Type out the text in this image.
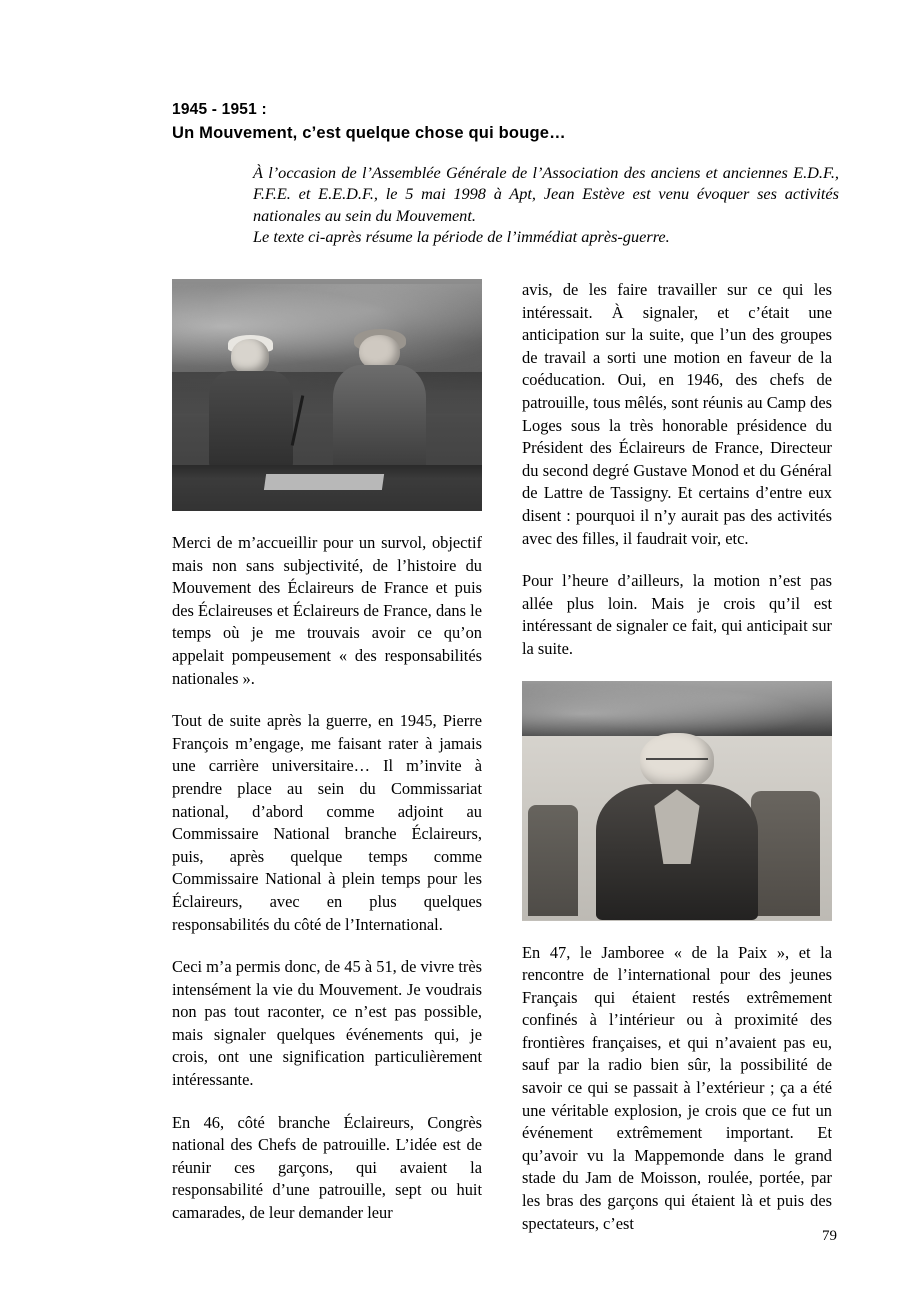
1945 - 1951 :
Un Mouvement, c’est quelque chose qui bouge…
À l’occasion de l’Assemblée Générale de l’Association des anciens et anciennes E.D.F., F.F.E. et E.E.D.F., le 5 mai 1998 à Apt, Jean Estève est venu évoquer ses activités nationales au sein du Mouvement.
Le texte ci-après résume la période de l’immédiat après-guerre.

Merci de m’accueillir pour un survol, objectif mais non sans subjectivité, de l’histoire du Mouvement des Éclaireurs de France et puis des Éclaireuses et Éclaireurs de France, dans le temps où je me trouvais avoir ce qu’on appelait pompeusement « des responsabilités nationales ».

Tout de suite après la guerre, en 1945, Pierre François m’engage, me faisant rater à jamais une carrière universitaire… Il m’invite à prendre place au sein du Commissariat national, d’abord comme adjoint au Commissaire National branche Éclaireurs, puis, après quelque temps comme Commissaire National à plein temps pour les Éclaireurs, avec en plus quelques responsabilités du côté de l’International.

Ceci m’a permis donc, de 45 à 51, de vivre très intensément la vie du Mouvement. Je voudrais non pas tout raconter, ce n’est pas possible, mais signaler quelques événements qui, je crois, ont une signification particulièrement intéressante.

En 46, côté branche Éclaireurs, Congrès national des Chefs de patrouille. L’idée est de réunir ces garçons, qui avaient la responsabilité d’une patrouille, sept ou huit camarades, de leur demander leur

avis, de les faire travailler sur ce qui les intéressait. À signaler, et c’était une anticipation sur la suite, que l’un des groupes de travail a sorti une motion en faveur de la coéducation. Oui, en 1946, des chefs de patrouille, tous mêlés, sont réunis au Camp des Loges sous la très honorable présidence du Président des Éclaireurs de France, Directeur du second degré Gustave Monod et du Général de Lattre de Tassigny. Et certains d’entre eux disent : pourquoi il n’y aurait pas des activités avec des filles, il faudrait voir, etc.

Pour l’heure d’ailleurs, la motion n’est pas allée plus loin. Mais je crois qu’il est intéressant de signaler ce fait, qui anticipait sur la suite.

En 47, le Jamboree « de la Paix », et la rencontre de l’international pour des jeunes Français qui étaient restés extrêmement confinés à l’intérieur ou à proximité des frontières françaises, et qui n’avaient pas eu, sauf par la radio bien sûr, la possibilité de savoir ce qui se passait à l’extérieur ; ça a été une véritable explosion, je crois que ce fut un événement extrêmement important. Et qu’avoir vu la Mappemonde dans le grand stade du Jam de Moisson, roulée, portée, par les bras des garçons qui étaient là et puis des spectateurs, c’est

79
